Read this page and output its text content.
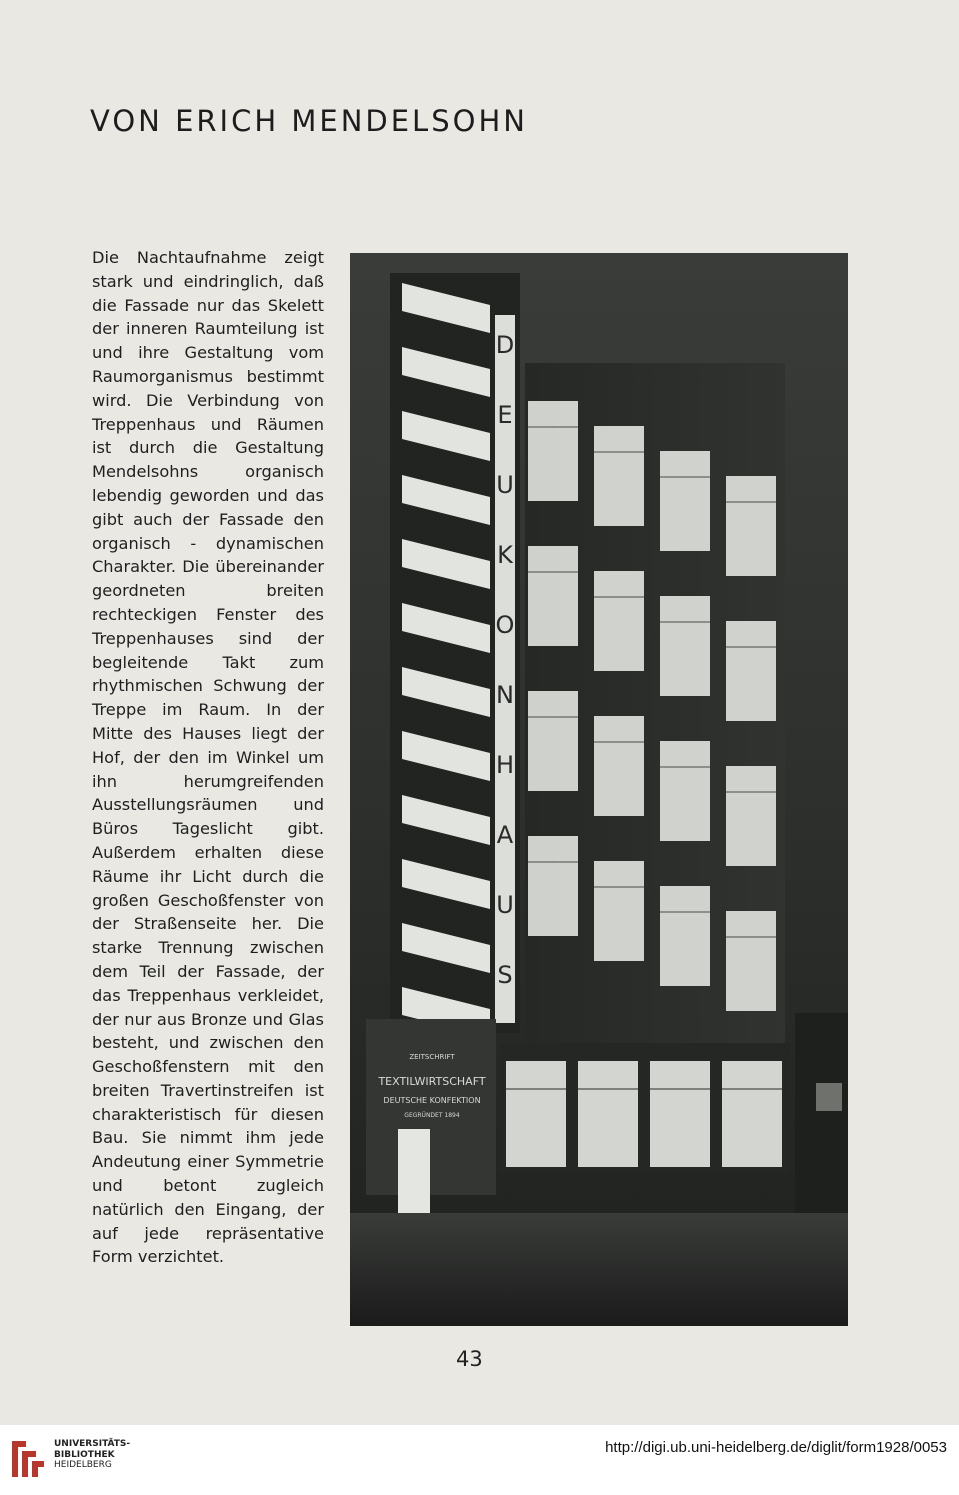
VON ERICH MENDELSOHN
Die Nachtaufnahme zeigt stark und eindringlich, daß die Fassade nur das Skelett der inneren Raumteilung ist und ihre Gestaltung vom Raumorganismus bestimmt wird. Die Verbindung von Treppenhaus und Räumen ist durch die Gestaltung Mendelsohns organisch lebendig geworden und das gibt auch der Fassade den organisch - dynamischen Charakter. Die übereinander geordneten breiten rechteckigen Fenster des Treppenhauses sind der begleitende Takt zum rhythmischen Schwung der Treppe im Raum. In der Mitte des Hauses liegt der Hof, der den im Winkel um ihn herumgreifenden Ausstellungsräumen und Büros Tageslicht gibt. Außerdem erhalten diese Räume ihr Licht durch die großen Geschoßfenster von der Straßenseite her. Die starke Trennung zwischen dem Teil der Fassade, der das Treppenhaus verkleidet, der nur aus Bronze und Glas besteht, und zwischen den Geschoßfenstern mit den breiten Travertinstreifen ist charakteristisch für diesen Bau. Sie nimmt ihm jede Andeutung einer Symmetrie und betont zugleich natürlich den Eingang, der auf jede repräsentative Form verzichtet.
D
E
U
K
O
N
H
A
U
S
ZEITSCHRIFT
TEXTILWIRTSCHAFT
DEUTSCHE KONFEKTION
GEGRÜNDET 1894
43
UNIVERSITÄTS-
BIBLIOTHEK
HEIDELBERG
http://digi.ub.uni-heidelberg.de/diglit/form1928/0053
